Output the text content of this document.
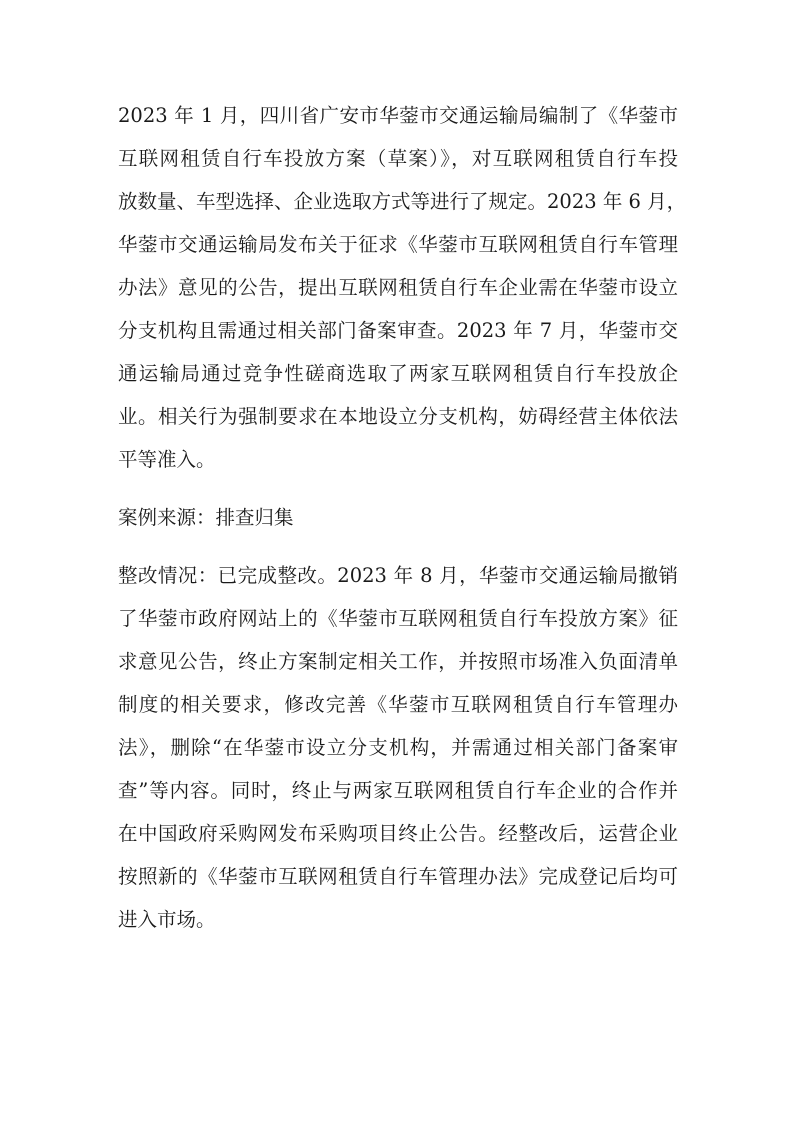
2023 年 1 月，四川省广安市华蓥市交通运输局编制了《华蓥市
互联网租赁自行车投放方案（草案）》，对互联网租赁自行车投
放数量、车型选择、企业选取方式等进行了规定。2023 年 6 月，
华蓥市交通运输局发布关于征求《华蓥市互联网租赁自行车管理
办法》意见的公告，提出互联网租赁自行车企业需在华蓥市设立
分支机构且需通过相关部门备案审查。2023 年 7 月，华蓥市交
通运输局通过竞争性磋商选取了两家互联网租赁自行车投放企
业。相关行为强制要求在本地设立分支机构，妨碍经营主体依法
平等准入。
案例来源：排查归集
整改情况：已完成整改。2023 年 8 月，华蓥市交通运输局撤销
了华蓥市政府网站上的《华蓥市互联网租赁自行车投放方案》征
求意见公告，终止方案制定相关工作，并按照市场准入负面清单
制度的相关要求，修改完善《华蓥市互联网租赁自行车管理办
法》，删除“在华蓥市设立分支机构，并需通过相关部门备案审
查”等内容。同时，终止与两家互联网租赁自行车企业的合作并
在中国政府采购网发布采购项目终止公告。经整改后，运营企业
按照新的《华蓥市互联网租赁自行车管理办法》完成登记后均可
进入市场。
